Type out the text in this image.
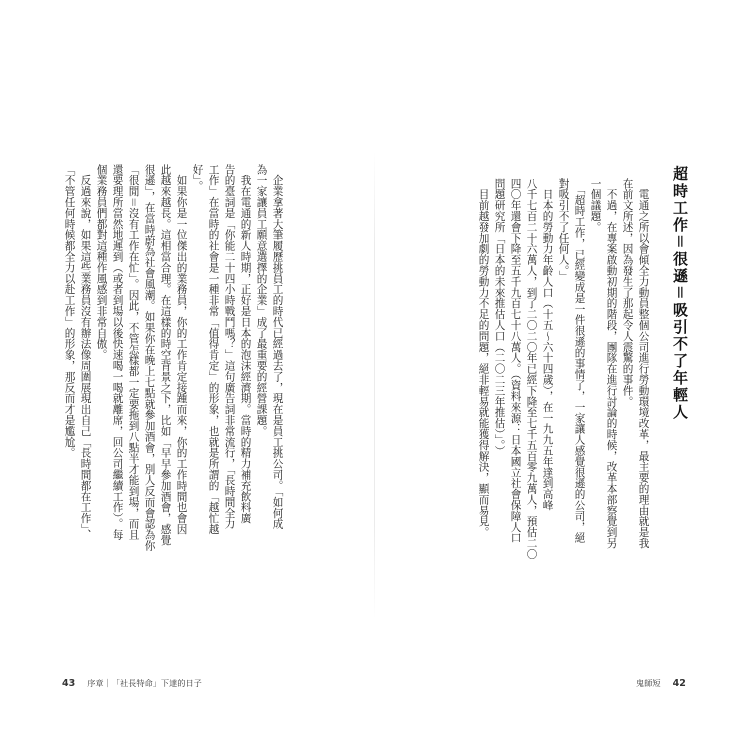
超時工作＝很遜＝吸引不了年輕人
　電通之所以會傾全力動員整個公司進行勞動環境改革，最主要的理由就是我
在前文所述，因為發生了那起令人震驚的事件。
　不過，在專案啟動初期的階段，團隊在進行討論的時候，改革本部察覺到另
一個議題。
　「超時工作，已經變成是一件很遜的事情了，一家讓人感覺很遜的公司，絕
對吸引不了任何人。」
　日本的勞動力年齡人口（十五～六十四歲），在一九九五年達到高峰
八千七百二十六萬人，到了二〇二〇年已經下降至七千五百零九萬人，預估二〇
四〇年還會下降至五千九百七十八萬人。（資料來源：日本國立社會保障人口
問題研究所「日本的未來推估人口（二〇二三年推估）」。）
　目前越發加劇的勞動力不足的問題，絕非輕易就能獲得解決，顯而易見。
鬼師短 42
「不管任何時候都全力以赴工作」的形象，那反而才是尷尬。 　反過來說，如果這些業務員沒有辦法像周圍展現出自己「長時間都在工作」、 個業務員們都對這種作風感到非常自傲。 還要理所當然地遲到（或者到場以後快速喝一喝就離席，回公司繼續工作）。每 「很閒＝沒有工作在忙」。因此，不管怎樣都一定要拖到八點半才能到場，而且 很遜」，在當時蔚為社會風潮。如果你在晚上七點就參加酒會，別人反而會認為你 此越來越長。這相當合理。在這樣的時空背景之下，比如「早早參加酒會，感覺 　如果你是一位傑出的業務員，你的工作肯定接踵而來，你的工作時間也會因 好」。 工作」在當時的社會是一種非常「值得肯定」的形象，也就是所謂的「越忙越 告的臺詞是「你能二十四小時戰鬥嗎？」這句廣告詞非常流行，「長時間全力 　我在電通的新人時期，正好是日本的泡沫經濟期。當時的精力補充飲料廣 為一家讓員工願意選擇的企業」成了最重要的經營課題。 　企業拿著大筆履歷挑員工的時代已經過去了，現在是員工挑公司。「如何成
43 序章｜「社長特命」下達的日子
